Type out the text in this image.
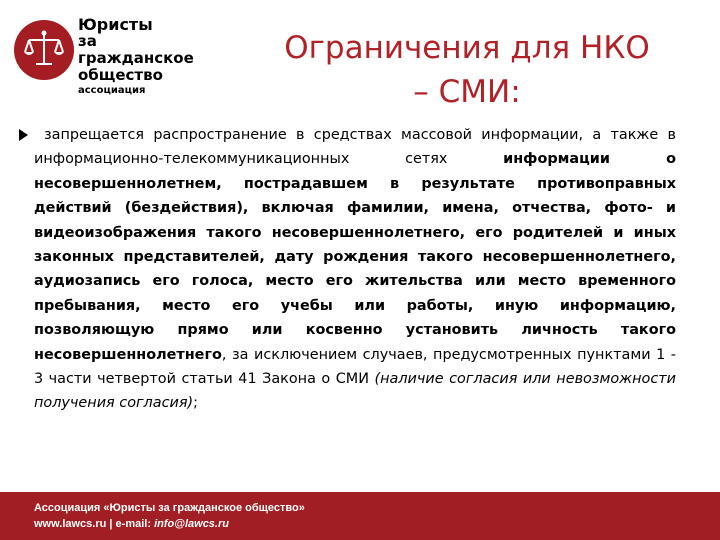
Юристы
за гражданское
общество
ассоциация
Ограничения для НКО
– СМИ:

запрещается распространение в средствах массовой информации, а также в информационно-телекоммуникационных сетях информации о несовершеннолетнем, пострадавшем в результате противоправных действий (бездействия), включая фамилии, имена, отчества, фото- и видеоизображения такого несовершеннолетнего, его родителей и иных законных представителей, дату рождения такого несовершеннолетнего, аудиозапись его голоса, место его жительства или место временного пребывания, место его учебы или работы, иную информацию, позволяющую прямо или косвенно установить личность такого несовершеннолетнего, за исключением случаев, предусмотренных пунктами 1 - 3 части четвертой статьи 41 Закона о СМИ (наличие согласия или невозможности получения согласия);

Ассоциация «Юристы за гражданское общество»
www.lawcs.ru | e-mail: info@lawcs.ru
